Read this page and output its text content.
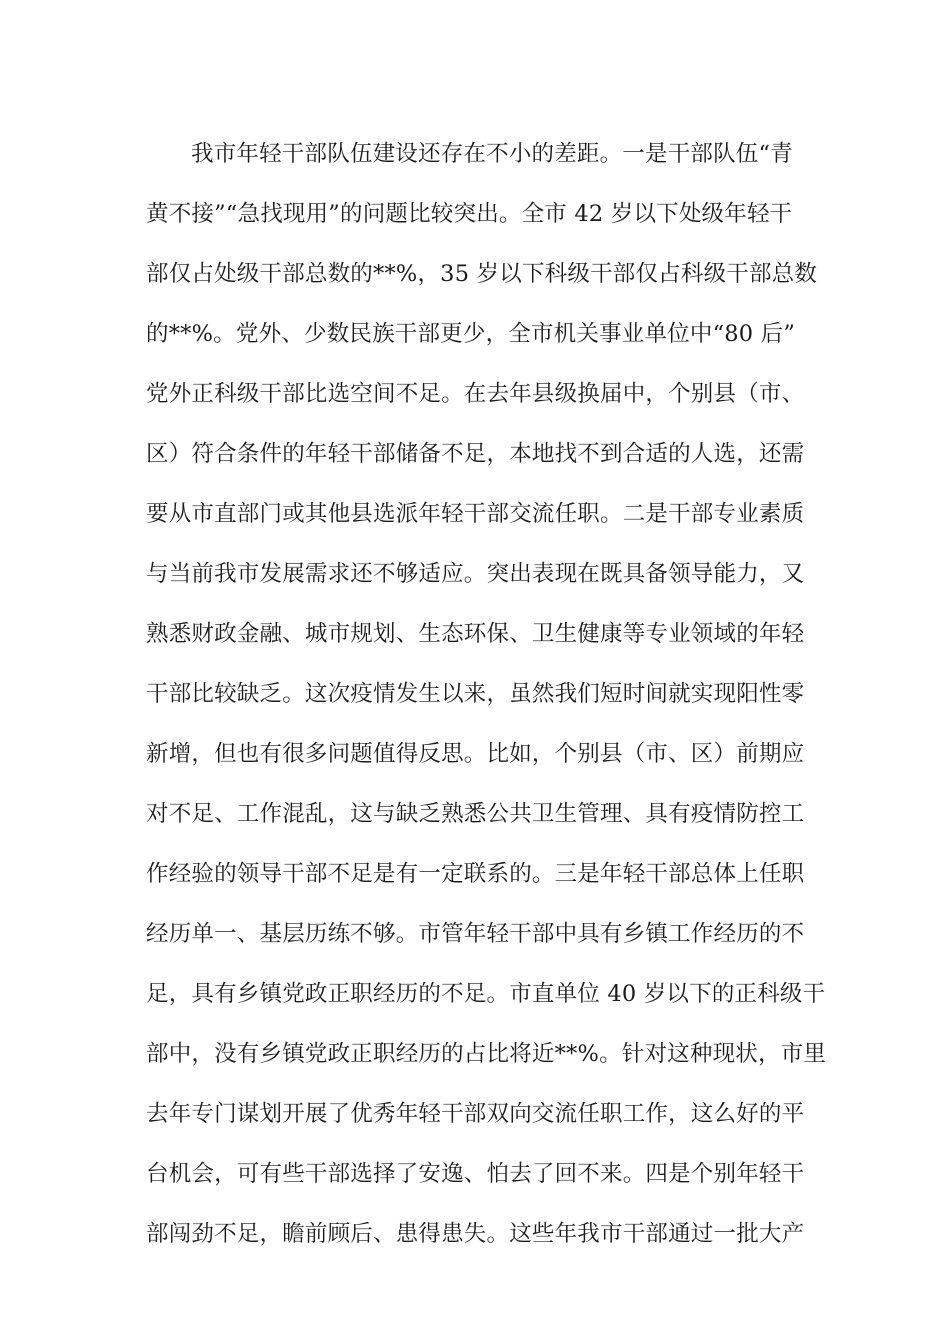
我市年轻干部队伍建设还存在不小的差距。一是干部队伍“青
黄不接”“急找现用”的问题比较突出。全市 42 岁以下处级年轻干
部仅占处级干部总数的**%，35 岁以下科级干部仅占科级干部总数
的**%。党外、少数民族干部更少，全市机关事业单位中“80 后”
党外正科级干部比选空间不足。在去年县级换届中，个别县（市、
区）符合条件的年轻干部储备不足，本地找不到合适的人选，还需
要从市直部门或其他县选派年轻干部交流任职。二是干部专业素质
与当前我市发展需求还不够适应。突出表现在既具备领导能力，又
熟悉财政金融、城市规划、生态环保、卫生健康等专业领域的年轻
干部比较缺乏。这次疫情发生以来，虽然我们短时间就实现阳性零
新增，但也有很多问题值得反思。比如，个别县（市、区）前期应
对不足、工作混乱，这与缺乏熟悉公共卫生管理、具有疫情防控工
作经验的领导干部不足是有一定联系的。三是年轻干部总体上任职
经历单一、基层历练不够。市管年轻干部中具有乡镇工作经历的不
足，具有乡镇党政正职经历的不足。市直单位 40 岁以下的正科级干
部中，没有乡镇党政正职经历的占比将近**%。针对这种现状，市里
去年专门谋划开展了优秀年轻干部双向交流任职工作，这么好的平
台机会，可有些干部选择了安逸、怕去了回不来。四是个别年轻干
部闯劲不足，瞻前顾后、患得患失。这些年我市干部通过一批大产
